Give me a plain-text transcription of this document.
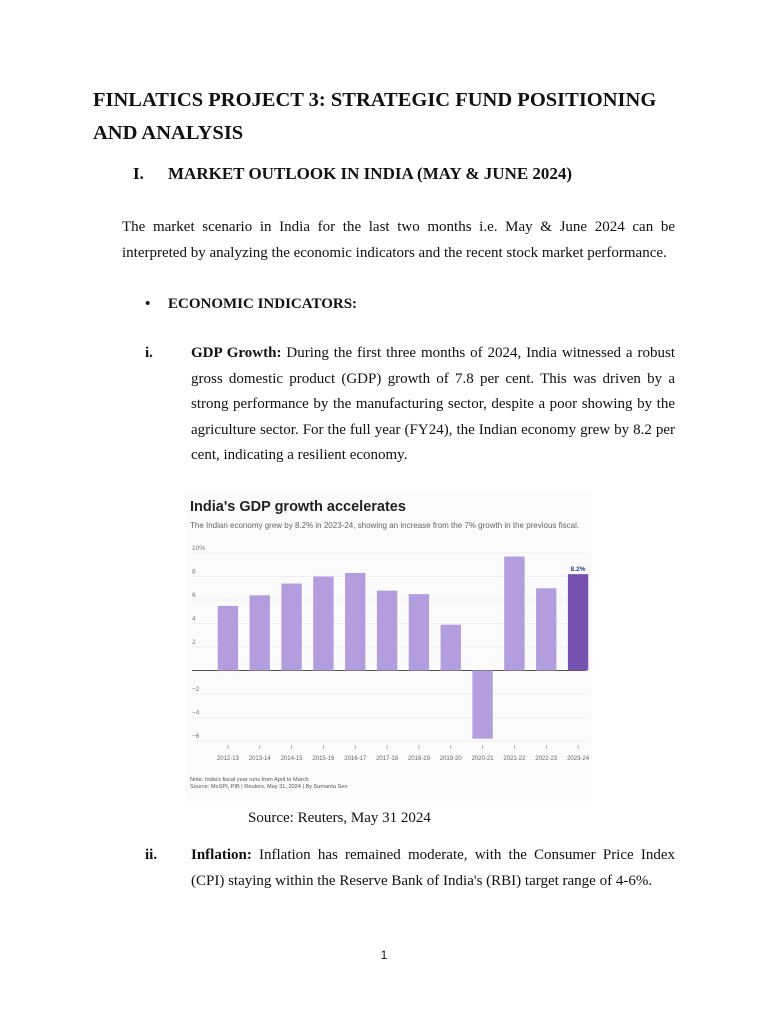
FINLATICS PROJECT 3: STRATEGIC FUND POSITIONING AND ANALYSIS
I. MARKET OUTLOOK IN INDIA (MAY & JUNE 2024)

The market scenario in India for the last two months i.e. May & June 2024 can be interpreted by analyzing the economic indicators and the recent stock market performance.

• ECONOMIC INDICATORS:

i.	GDP Growth: During the first three months of 2024, India witnessed a robust gross domestic product (GDP) growth of 7.8 per cent. This was driven by a strong performance by the manufacturing sector, despite a poor showing by the agriculture sector. For the full year (FY24), the Indian economy grew by 8.2 per cent, indicating a resilient economy.

10%
8
6
4
2
−2
−4
−6
2012-13 2013-14 2014-15 2015-16 2016-17 2017-18 2018-19 2019-20 2020-21 2021-22 2022-23 2023-24
8.2%
India's GDP growth accelerates
The Indian economy grew by 8.2% in 2023-24, showing an increase from the 7% growth in the previous fiscal.
Note: India's fiscal year runs from April to March
Source: MoSPI, PIB | Reuters, May 31, 2024 | By Sumanta Sen

Source: Reuters, May 31 2024

ii. Inflation: Inflation has remained moderate, with the Consumer Price Index (CPI) staying within the Reserve Bank of India's (RBI) target range of 4-6%.

1
